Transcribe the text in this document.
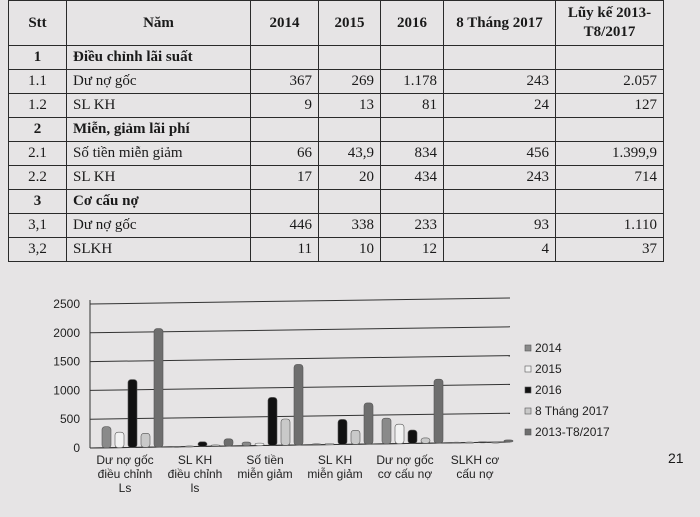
Stt	Năm	2014	2015	2016	8 Tháng 2017	Lũy kế 2013-T8/2017
1	Điều chỉnh lãi suất					
1.1	Dư nợ gốc	367	269	1.178	243	2.057
1.2	SL KH	9	13	81	24	127
2	Miễn, giảm lãi phí					
2.1	Số tiền miễn giảm	66	43,9	834	456	1.399,9
2.2	SL KH	17	20	434	243	714
3	Cơ cấu nợ					
3,1	Dư nợ gốc	446	338	233	93	1.110
3,2	SLKH	11	10	12	4	37
0
500
1000
1500
2000
2500
Dư nợ gốc
điều chỉnh
Ls
SL KH
điều chỉnh
ls
Số tiền
miễn giảm
SL KH
miễn giảm
Dư nợ gốc
cơ cấu nợ
SLKH cơ
cấu nợ
2014
2015
2016
8 Tháng 2017
2013-T8/2017
21
